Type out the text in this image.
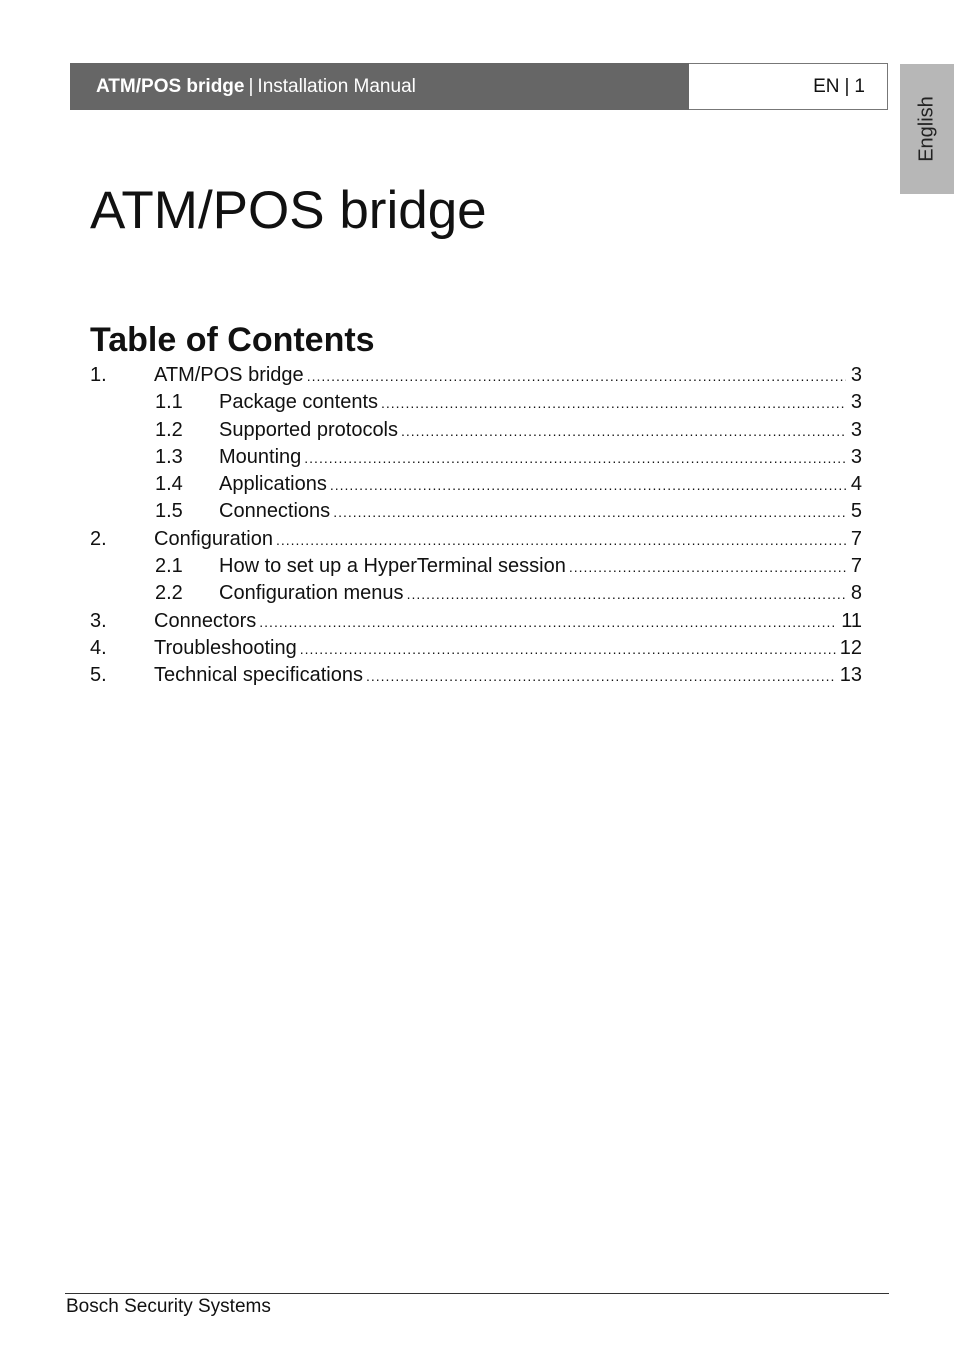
ATM/POS bridge | Installation Manual	EN | 1
English
ATM/POS bridge
Table of Contents
1.	ATM/POS bridge .....	3
1.1	Package contents .....	3
1.2	Supported protocols .....	3
1.3	Mounting .....	3
1.4	Applications .....	4
1.5	Connections .....	5
2.	Configuration .....	7
2.1	How to set up a HyperTerminal session .....	7
2.2	Configuration menus .....	8
3.	Connectors .....	11
4.	Troubleshooting .....	12
5.	Technical specifications .....	13
Bosch Security Systems
